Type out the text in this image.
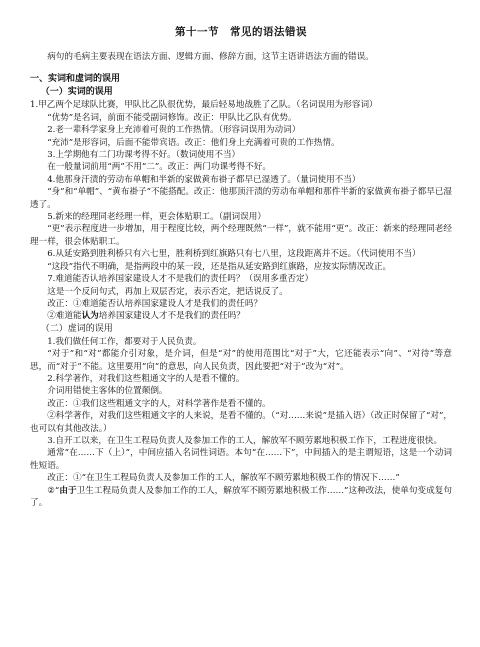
第十一节　常见的语法错误

病句的毛病主要表现在语法方面、逻辑方面、修辞方面，这节主语讲语法方面的错误。

一、实词和虚词的误用
（一）实词的误用

1.甲乙两个足球队比赛，甲队比乙队很优势，最后轻易地战胜了乙队。（名词误用为形容词）

“优势”是名词，前面不能受副词修饰。改正：甲队比乙队有优势。

2.老一辈科学家身上充沛着可贵的工作热情。（形容词误用为动词）

“充沛”是形容词，后面不能带宾语。改正：他们身上充满着可贵的工作热情。

3.上学期他有二门功课考得不好。（数词使用不当）

在一般量词前用“两”不用“二”。改正：两门功课考得不好。

4.他那身汗渍的劳动布单帽和半新的家做黄布褂子都早已湿透了。（量词使用不当）

“身”和“单帽”、“黄布褂子”不能搭配。改正：他那顶汗渍的劳动布单帽和那件半新的家做黄布褂子都早已湿透了。

5.新来的经理同老经理一样，更会体贴职工。（副词误用）

“更”表示程度进一步增加，用于程度比较，两个经理既然“一样”，就不能用“更”。改正：新来的经理同老经理一样，很会体贴职工。

6.从延安路到胜利桥只有六七里，胜利桥到红旗路只有七八里，这段距离并不远。（代词使用不当）

“这段”指代不明确，是指两段中的某一段，还是指从延安路到红旗路，应按实际情况改正。

7.难道能否认培养国家建设人才不是我们的责任吗？（误用多重否定）

这是一个反问句式，再加上双层否定，表示否定，把话说反了。

改正：①难道能否认培养国家建设人才是我们的责任吗？

②难道能认为培养国家建设人才不是我们的责任吗？

（二）虚词的误用

1.我们做任何工作，都要对于人民负责。

“对于”和“对”都能介引对象，是介词，但是“对”的使用范围比“对于”大，它还能表示“向”、“对待”等意思，而“对于”不能。这里要用“向”的意思，向人民负责，因此要把“对于”改为“对”。

2.科学著作，对我们这些粗通文字的人是看不懂的。

介词用错使主客体的位置颠倒。

改正：①我们这些粗通文字的人，对科学著作是看不懂的。

②科学著作，对我们这些粗通文字的人来说，是看不懂的。（“对……来说”是插入语）（改正时保留了“对”，也可以有其他改法。）

3.自开工以来，在卫生工程局负责人及参加工作的工人，解放军不顾劳累地积极工作下，工程进度很快。

通常“在……下（上）”，中间应插入名词性词语。本句“在……下”，中间插入的是主谓短语，这是一个动词性短语。

改正：①“在卫生工程局负责人及参加工作的工人，解放军不顾劳累地积极工作的情况下……”

②“由于卫生工程局负责人及参加工作的工人，解放军不顾劳累地积极工作……”这种改法，使单句变成复句了。
